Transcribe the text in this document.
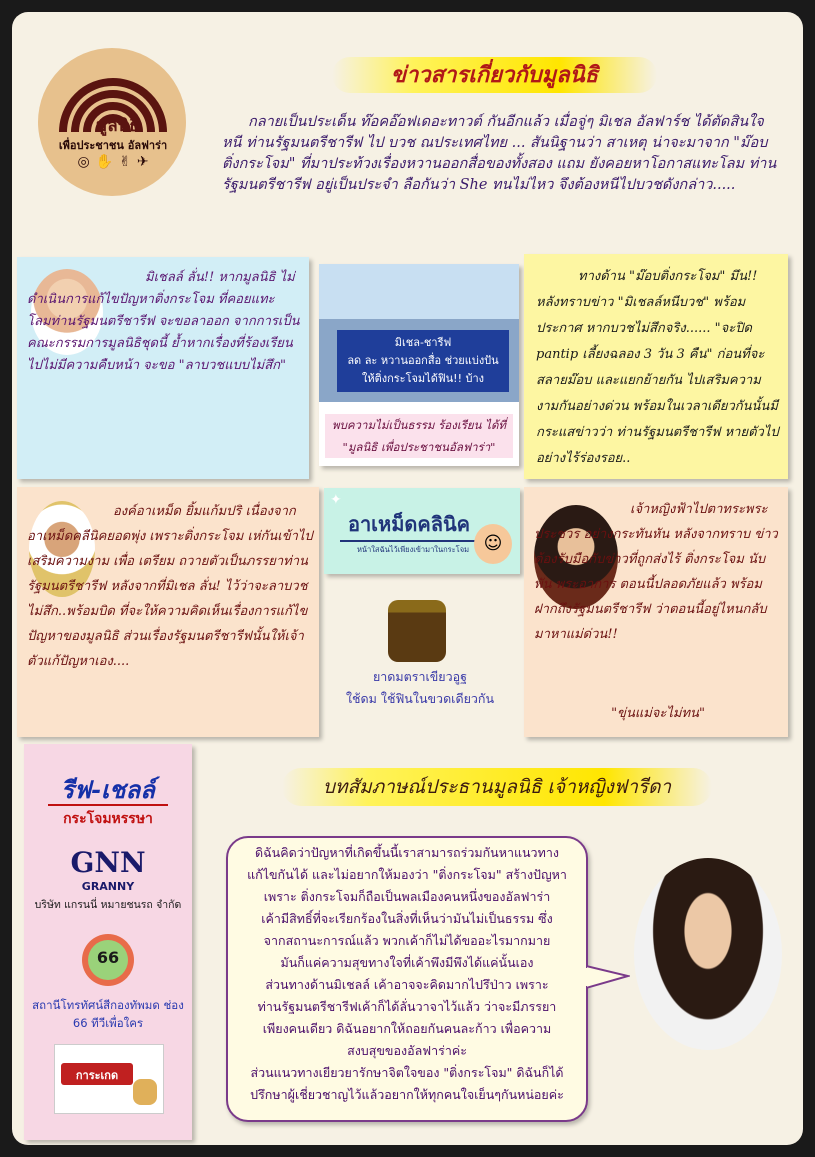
มูลนิธิ
เพื่อประชาชน อัลฟาร่า
◎ ✋ ✌ ✈
ข่าวสารเกี่ยวกับมูลนิธิ
กลายเป็นประเด็น ท๊อคอ๊อฟเดอะทาวต์ กันอีกแล้ว เมื่อจู่ๆ มิเชล อัลฟาร์ช ได้ตัดสินใจหนี ท่านรัฐมนตรีชารีฟ ไป บวช ณประเทศไทย ... สันนิฐานว่า สาเหตุ น่าจะมาจาก "ม๊อบติ่งกระโจม" ที่มาประท้วงเรื่องหวานออกสื่อของทั้งสอง แถม ยังคอยหาโอกาสแทะโลม ท่านรัฐมนตรีชารีฟ อยู่เป็นประจำ ลือกันว่า She ทนไม่ไหว จึงต้องหนีไปบวชดังกล่าว.....
มิเชลล์ ลั่น!! หากมูลนิธิ ไม่ดำเนินการแก้ไขปัญหาติ่งกระโจม ที่คอยแทะ โลมท่านรัฐมนตรีชารีฟ จะขอลาออก จากการเป็นคณะกรรมการมูลนิธิชุดนี้ ย้ำหากเรื่องที่ร้องเรียน ไปไม่มีความคืบหน้า จะขอ "ลาบวชแบบไม่สึก"
มิเชล-ชารีฟ
ลด ละ หวานออกสื่อ ช่วยแบ่งปัน
ให้ติ่งกระโจมได้ฟิน!! บ้าง
พบความไม่เป็นธรรม ร้องเรียน ได้ที่ "มูลนิธิ เพื่อประชาชนอัลฟาร่า"
ทางด้าน "ม๊อบติ่งกระโจม" มึน!! หลังทราบข่าว "มิเชลล์หนีบวช" พร้อมประกาศ หากบวชไม่สึกจริง...... "จะปิด pantip เลี้ยงฉลอง 3 วัน 3 คืน" ก่อนที่จะสลายม๊อบ และแยกย้ายกัน ไปเสริมความงามกันอย่างด่วน พร้อมในเวลาเดียวกันนั้นมีกระแสข่าวว่า ท่านรัฐมนตรีชารีฟ หายตัวไปอย่างไร้ร่องรอย..
องค์อาเหม็ด ยิ้มแก้มปริ เนื่องจาก อาเหม็ดคลีนิคยอดพุ่ง เพราะติ่งกระโจม เห่กันเข้าไปเสริมความงาม เพื่อ เตรียม ถวายตัวเป็นภรรยาท่านรัฐมนตรีชารีฟ หลังจากที่มิเชล ลั่น! ไว้ว่าจะลาบวชไม่สึก..พร้อมบิด ที่จะให้ความคิดเห็นเรื่องการแก้ไขปัญหาของมูลนิธิ ส่วนเรื่องรัฐมนตรีชารีฟนั้นให้เจ้าตัวแก้ปัญหาเอง....
✦
อาเหม็ดคลินิค
หน้าใสฉันไว้เพียงเข้ามาในกระโจม ☺
ยาดมตราเขียวอูฐ
ใช้ดม ใช้ฟินในขวดเดียวกัน
เจ้าหญิงฟ้าไปตาทระพระประชวร อย่างกระทันหัน หลังจากทราบ ข่าว ต้องรับมือกับข่าวที่ถูกส่งไร้ ติ่งกระโจม นับพัน พระอาการ ตอนนี้ปลอดภัยแล้ว พร้อมฝากถึงรัฐมนตรีชารีฟ ว่าตอนนี้อยู่ไหนกลับมาหาแม่ด่วน!!
"ขุ่นแม่จะไม่ทน"
รีฟ-เชลล์
กระโจมหรรษา
GNN
GRANNY
บริษัท แกรนนี่ หมายชนรถ จำกัด
66
สถานีโทรทัศน์สีกองทัพมด ช่อง 66 ทีวีเพื่อใคร
การะเกด
บทสัมภาษณ์ประธานมูลนิธิ เจ้าหญิงฟารีดา

ดิฉันคิดว่าปัญหาที่เกิดขึ้นนี้เราสามารถร่วมกันหาแนวทาง

แก้ไขกันได้ และไม่อยากให้มองว่า "ติ่งกระโจม" สร้างปัญหา

เพราะ ติ่งกระโจมก็ถือเป็นพลเมืองคนหนึ่งของอัลฟาร่า

เค้ามีสิทธิ์ที่จะเรียกร้องในสิ่งที่เห็นว่ามันไม่เป็นธรรม ซึ่ง

จากสถานะการณ์แล้ว พวกเค้าก็ไม่ได้ขออะไรมากมาย

มันก็แค่ความสุขทางใจที่เค้าพึงมีพึงได้แค่นั้นเอง

ส่วนทางด้านมิเชลล์ เค้าอาจจะคิดมากไปรึป่าว เพราะ

ท่านรัฐมนตรีชารีฟเค้าก็ได้ลั่นวาจาไว้แล้ว ว่าจะมีภรรยา

เพียงคนเดียว ดิฉันอยากให้ถอยกันคนละก้าว เพื่อความ

สงบสุขของอัลฟาร่าค่ะ

ส่วนแนวทางเยียวยารักษาจิตใจของ "ติ่งกระโจม" ดิฉันก็ได้

ปรึกษาผู้เชี่ยวชาญไว้แล้วอยากให้ทุกคนใจเย็นๆกันหน่อยค่ะ
